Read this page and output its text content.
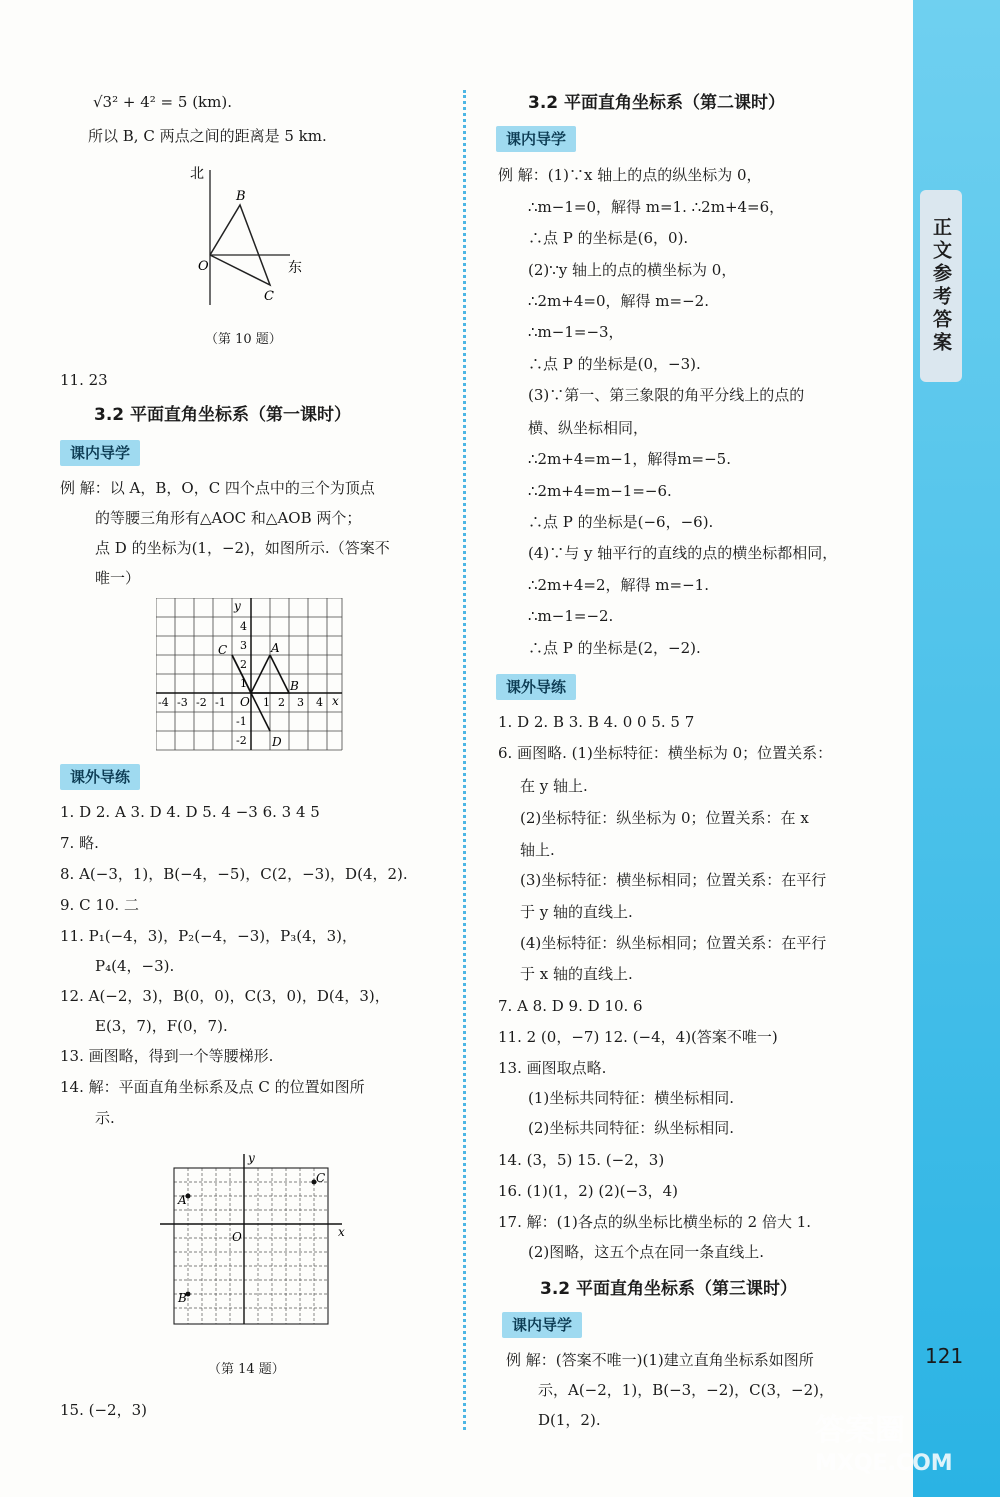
正文参考答案
121
答案圈
MXQE.COM
√3² + 4² = 5 (km).
所以 B, C 两点之间的距离是 5 km.
北
东
O
B
C
（第 10 题）
11. 23
3.2 平面直角坐标系（第一课时）
课内导学
例 解：以 A，B，O，C 四个点中的三个为顶点
的等腰三角形有△AOC 和△AOB 两个；
点 D 的坐标为(1，−2)，如图所示.（答案不
唯一）
y
x
O
A
B
C
D
-4 -3 -2 -1	1 2 3 4
4
3
2
1
-1
-2
课外导练
1. D 2. A 3. D 4. D 5. 4 −3 6. 3 4 5
7. 略.
8. A(−3，1)，B(−4，−5)，C(2，−3)，D(4，2).
9. C 10. 二
11. P₁(−4，3)，P₂(−4，−3)，P₃(4，3)，
P₄(4，−3).
12. A(−2，3)，B(0，0)，C(3，0)，D(4，3)，
E(3，7)，F(0，7).
13. 画图略，得到一个等腰梯形.
14. 解：平面直角坐标系及点 C 的位置如图所
示.
y
x
O
A
B
C
（第 14 题）
15. (−2，3)
3.2 平面直角坐标系（第二课时）
课内导学
例 解：(1)∵x 轴上的点的纵坐标为 0，
∴m−1=0，解得 m=1. ∴2m+4=6，
∴点 P 的坐标是(6，0).
(2)∵y 轴上的点的横坐标为 0，
∴2m+4=0，解得 m=−2.
∴m−1=−3，
∴点 P 的坐标是(0，−3).
(3)∵第一、第三象限的角平分线上的点的
横、纵坐标相同，
∴2m+4=m−1，解得m=−5.
∴2m+4=m−1=−6.
∴点 P 的坐标是(−6，−6).
(4)∵与 y 轴平行的直线的点的横坐标都相同，
∴2m+4=2，解得 m=−1.
∴m−1=−2.
∴点 P 的坐标是(2，−2).
课外导练
1. D 2. B 3. B 4. 0 0 5. 5 7
6. 画图略. (1)坐标特征：横坐标为 0；位置关系：
在 y 轴上.
(2)坐标特征：纵坐标为 0；位置关系：在 x
轴上.
(3)坐标特征：横坐标相同；位置关系：在平行
于 y 轴的直线上.
(4)坐标特征：纵坐标相同；位置关系：在平行
于 x 轴的直线上.
7. A 8. D 9. D 10. 6
11. 2 (0，−7) 12. (−4，4)(答案不唯一)
13. 画图取点略.
(1)坐标共同特征：横坐标相同.
(2)坐标共同特征：纵坐标相同.
14. (3，5) 15. (−2，3)
16. (1)(1，2) (2)(−3，4)
17. 解：(1)各点的纵坐标比横坐标的 2 倍大 1.
(2)图略，这五个点在同一条直线上.
3.2 平面直角坐标系（第三课时）
课内导学
例 解：(答案不唯一)(1)建立直角坐标系如图所
示，A(−2，1)，B(−3，−2)，C(3，−2)，
D(1，2).
